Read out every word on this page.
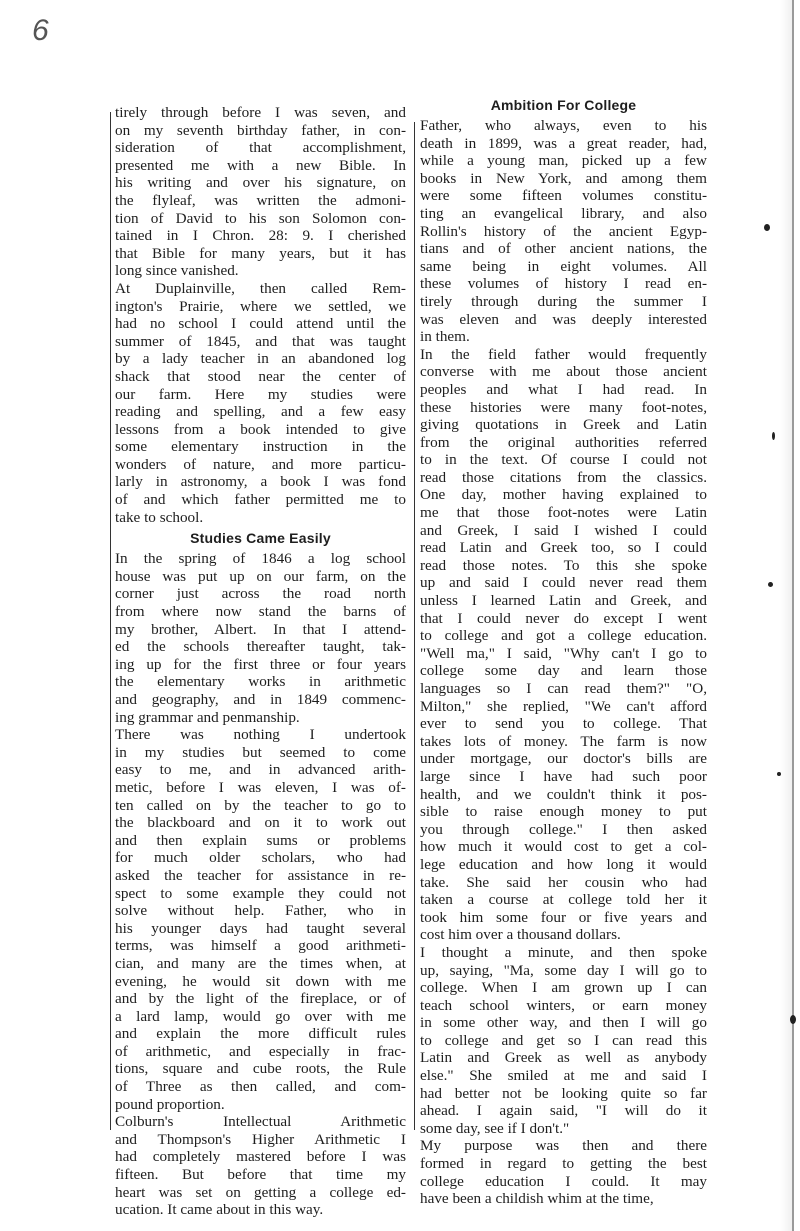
6
tirely through before I was seven, and
on my seventh birthday father, in con-
sideration of that accomplishment,
presented me with a new Bible. In
his writing and over his signature, on
the flyleaf, was written the admoni-
tion of David to his son Solomon con-
tained in I Chron. 28: 9. I cherished
that Bible for many years, but it has
long since vanished.
At Duplainville, then called Rem-
ington's Prairie, where we settled, we
had no school I could attend until the
summer of 1845, and that was taught
by a lady teacher in an abandoned log
shack that stood near the center of
our farm. Here my studies were
reading and spelling, and a few easy
lessons from a book intended to give
some elementary instruction in the
wonders of nature, and more particu-
larly in astronomy, a book I was fond
of and which father permitted me to
take to school.
Studies Came Easily
In the spring of 1846 a log school
house was put up on our farm, on the
corner just across the road north
from where now stand the barns of
my brother, Albert. In that I attend-
ed the schools thereafter taught, tak-
ing up for the first three or four years
the elementary works in arithmetic
and geography, and in 1849 commenc-
ing grammar and penmanship.
There was nothing I undertook
in my studies but seemed to come
easy to me, and in advanced arith-
metic, before I was eleven, I was of-
ten called on by the teacher to go to
the blackboard and on it to work out
and then explain sums or problems
for much older scholars, who had
asked the teacher for assistance in re-
spect to some example they could not
solve without help. Father, who in
his younger days had taught several
terms, was himself a good arithmeti-
cian, and many are the times when, at
evening, he would sit down with me
and by the light of the fireplace, or of
a lard lamp, would go over with me
and explain the more difficult rules
of arithmetic, and especially in frac-
tions, square and cube roots, the Rule
of Three as then called, and com-
pound proportion.
Colburn's Intellectual Arithmetic
and Thompson's Higher Arithmetic I
had completely mastered before I was
fifteen. But before that time my
heart was set on getting a college ed-
ucation. It came about in this way.
Ambition For College
Father, who always, even to his
death in 1899, was a great reader, had,
while a young man, picked up a few
books in New York, and among them
were some fifteen volumes constitu-
ting an evangelical library, and also
Rollin's history of the ancient Egyp-
tians and of other ancient nations, the
same being in eight volumes. All
these volumes of history I read en-
tirely through during the summer I
was eleven and was deeply interested
in them.
In the field father would frequently
converse with me about those ancient
peoples and what I had read. In
these histories were many foot-notes,
giving quotations in Greek and Latin
from the original authorities referred
to in the text. Of course I could not
read those citations from the classics.
One day, mother having explained to
me that those foot-notes were Latin
and Greek, I said I wished I could
read Latin and Greek too, so I could
read those notes. To this she spoke
up and said I could never read them
unless I learned Latin and Greek, and
that I could never do except I went
to college and got a college education.
"Well ma," I said, "Why can't I go to
college some day and learn those
languages so I can read them?" "O,
Milton," she replied, "We can't afford
ever to send you to college. That
takes lots of money. The farm is now
under mortgage, our doctor's bills are
large since I have had such poor
health, and we couldn't think it pos-
sible to raise enough money to put
you through college." I then asked
how much it would cost to get a col-
lege education and how long it would
take. She said her cousin who had
taken a course at college told her it
took him some four or five years and
cost him over a thousand dollars.
I thought a minute, and then spoke
up, saying, "Ma, some day I will go to
college. When I am grown up I can
teach school winters, or earn money
in some other way, and then I will go
to college and get so I can read this
Latin and Greek as well as anybody
else." She smiled at me and said I
had better not be looking quite so far
ahead. I again said, "I will do it
some day, see if I don't."
My purpose was then and there
formed in regard to getting the best
college education I could. It may
have been a childish whim at the time,
